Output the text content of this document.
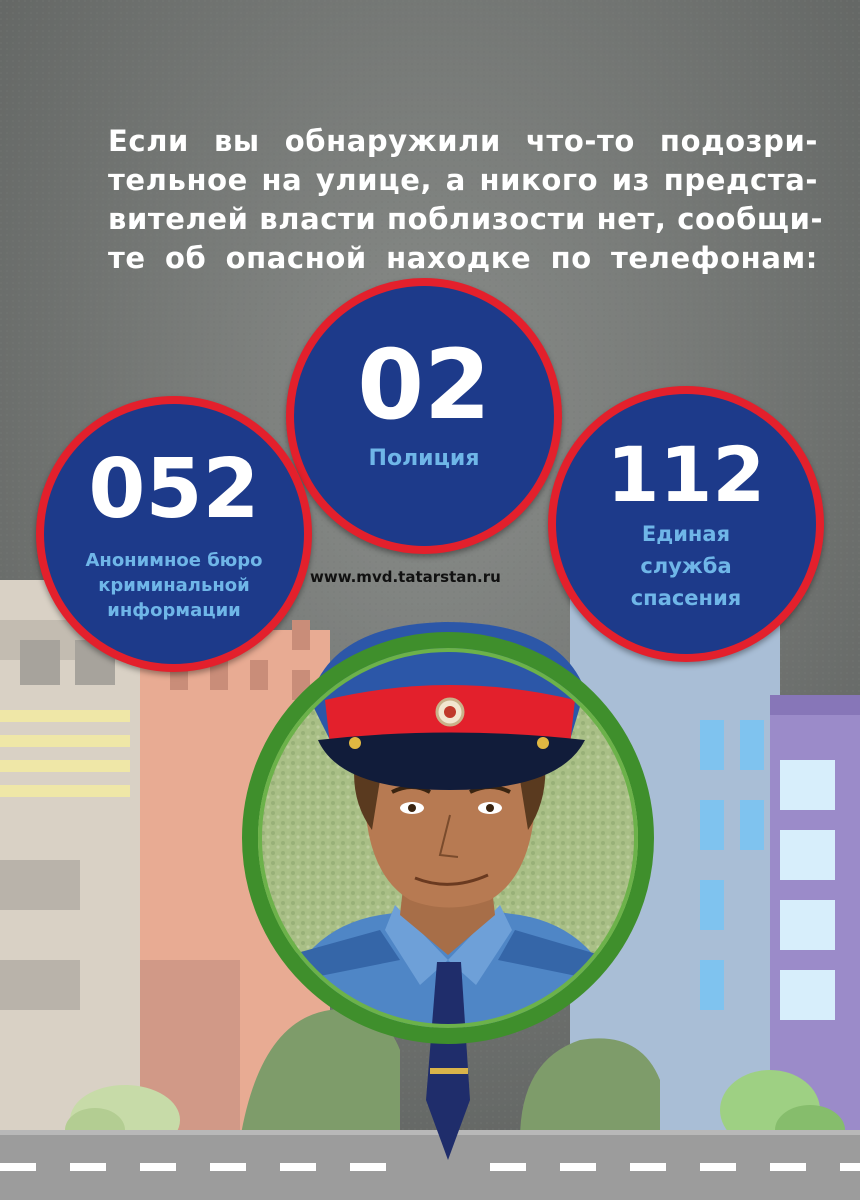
Если вы обнаружили что-то подозри-
тельное на улице, а никого из предста-
вителей власти поблизости нет, сообщи-
те об опасной находке по телефонам:
02
Полиция
052
Анонимное бюро
криминальной
информации
112
Единая
служба
спасения
www.mvd.tatarstan.ru
